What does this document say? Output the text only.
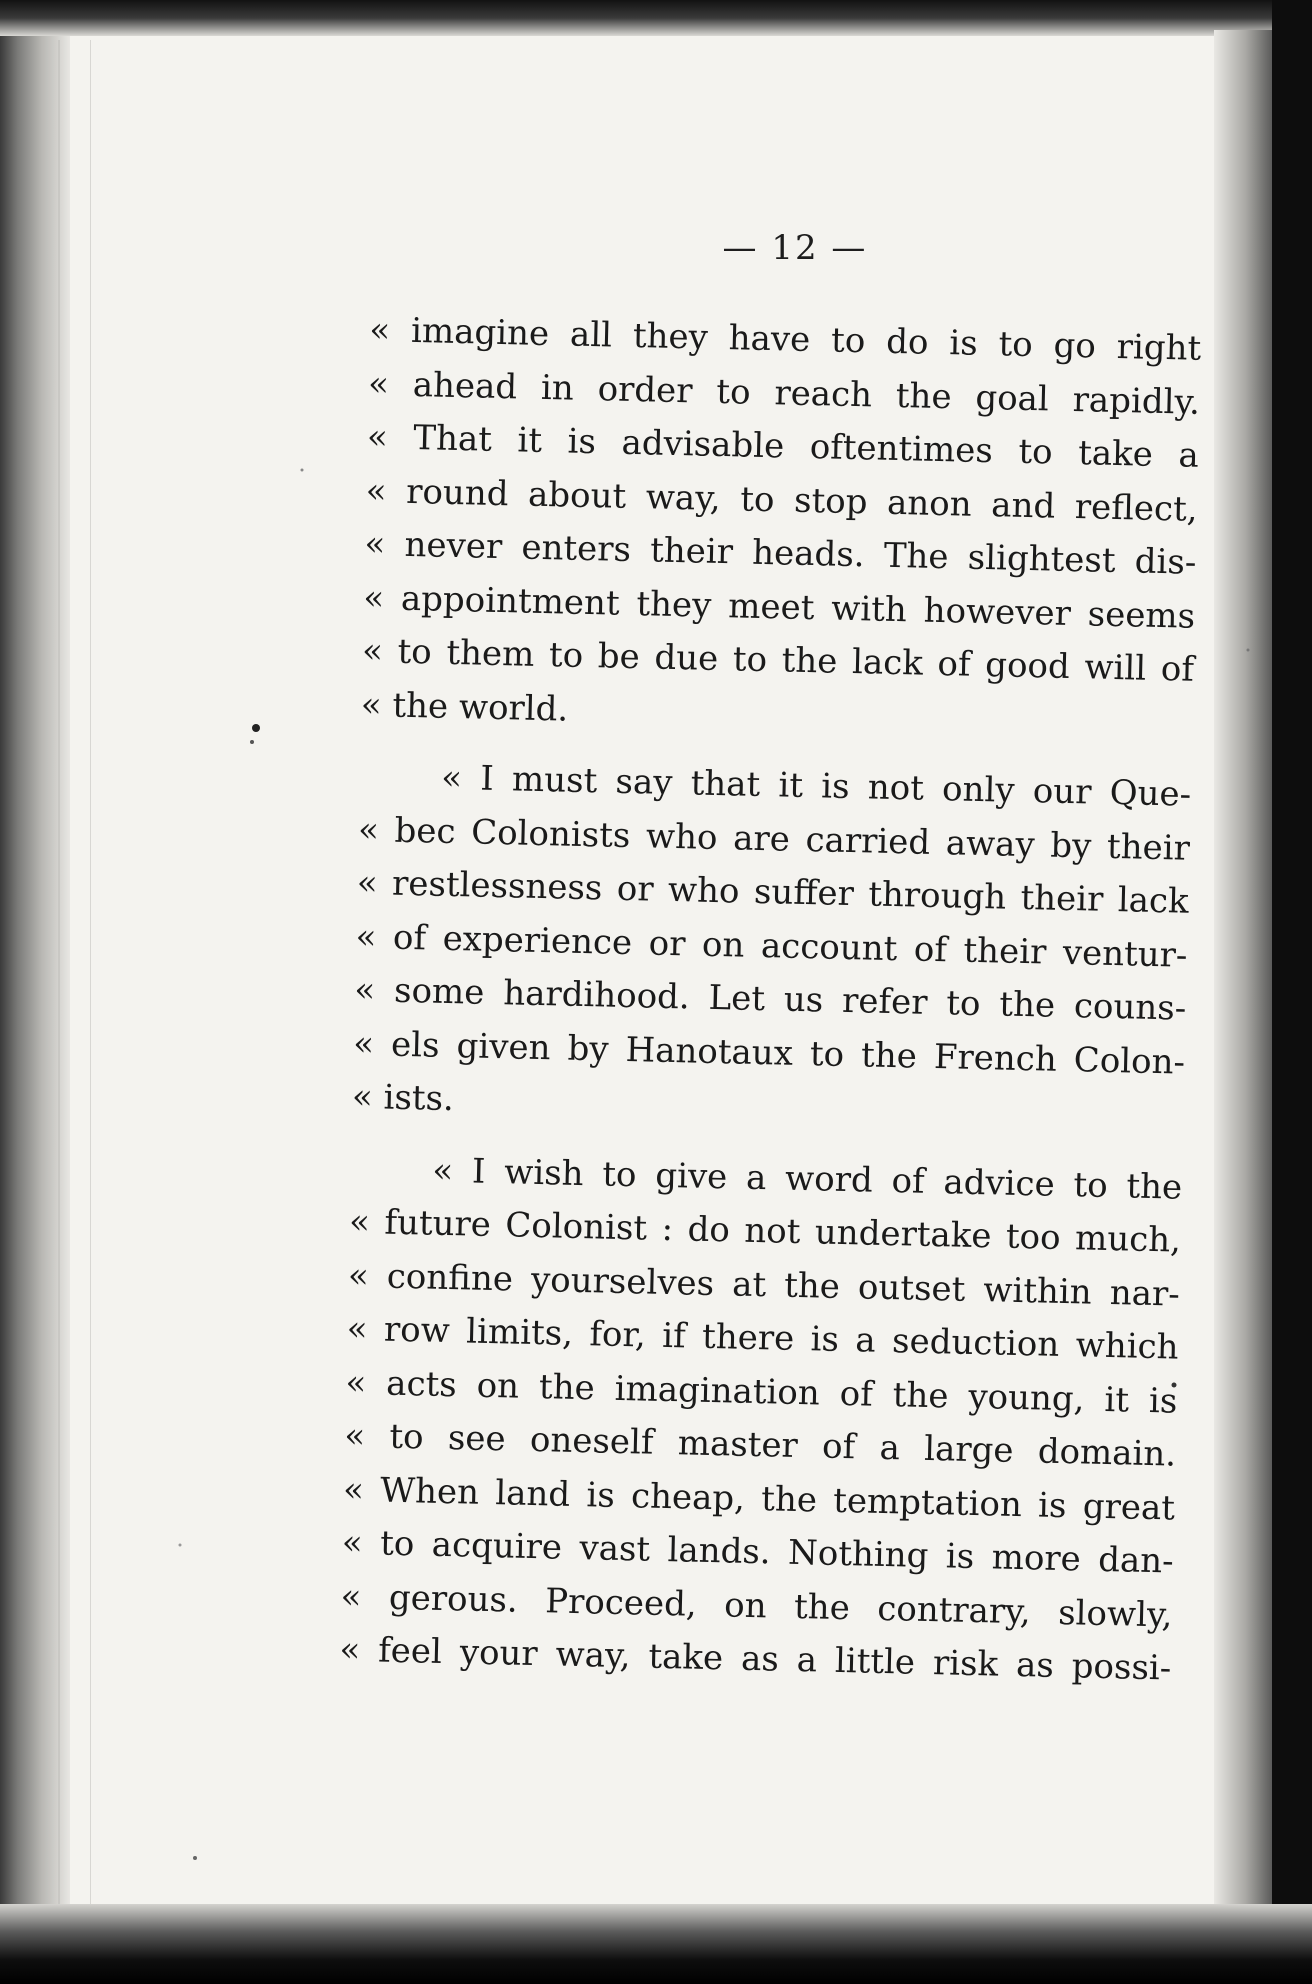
— 12 —
« imagine all they have to do is to go right
« ahead in order to reach the goal rapidly.
« That it is advisable oftentimes to take a
« round about way, to stop anon and reflect,
« never enters their heads. The slightest dis-
« appointment they meet with however seems
« to them to be due to the lack of good will of
« the world.
« I must say that it is not only our Que-
« bec Colonists who are carried away by their
« restlessness or who suffer through their lack
« of experience or on account of their ventur-
« some hardihood. Let us refer to the couns-
« els given by Hanotaux to the French Colon-
« ists.
« I wish to give a word of advice to the
« future Colonist : do not undertake too much,
« confine yourselves at the outset within nar-
« row limits, for, if there is a seduction which
« acts on the imagination of the young, it is
« to see oneself master of a large domain.
« When land is cheap, the temptation is great
« to acquire vast lands. Nothing is more dan-
« gerous. Proceed, on the contrary, slowly,
« feel your way, take as a little risk as possi-
